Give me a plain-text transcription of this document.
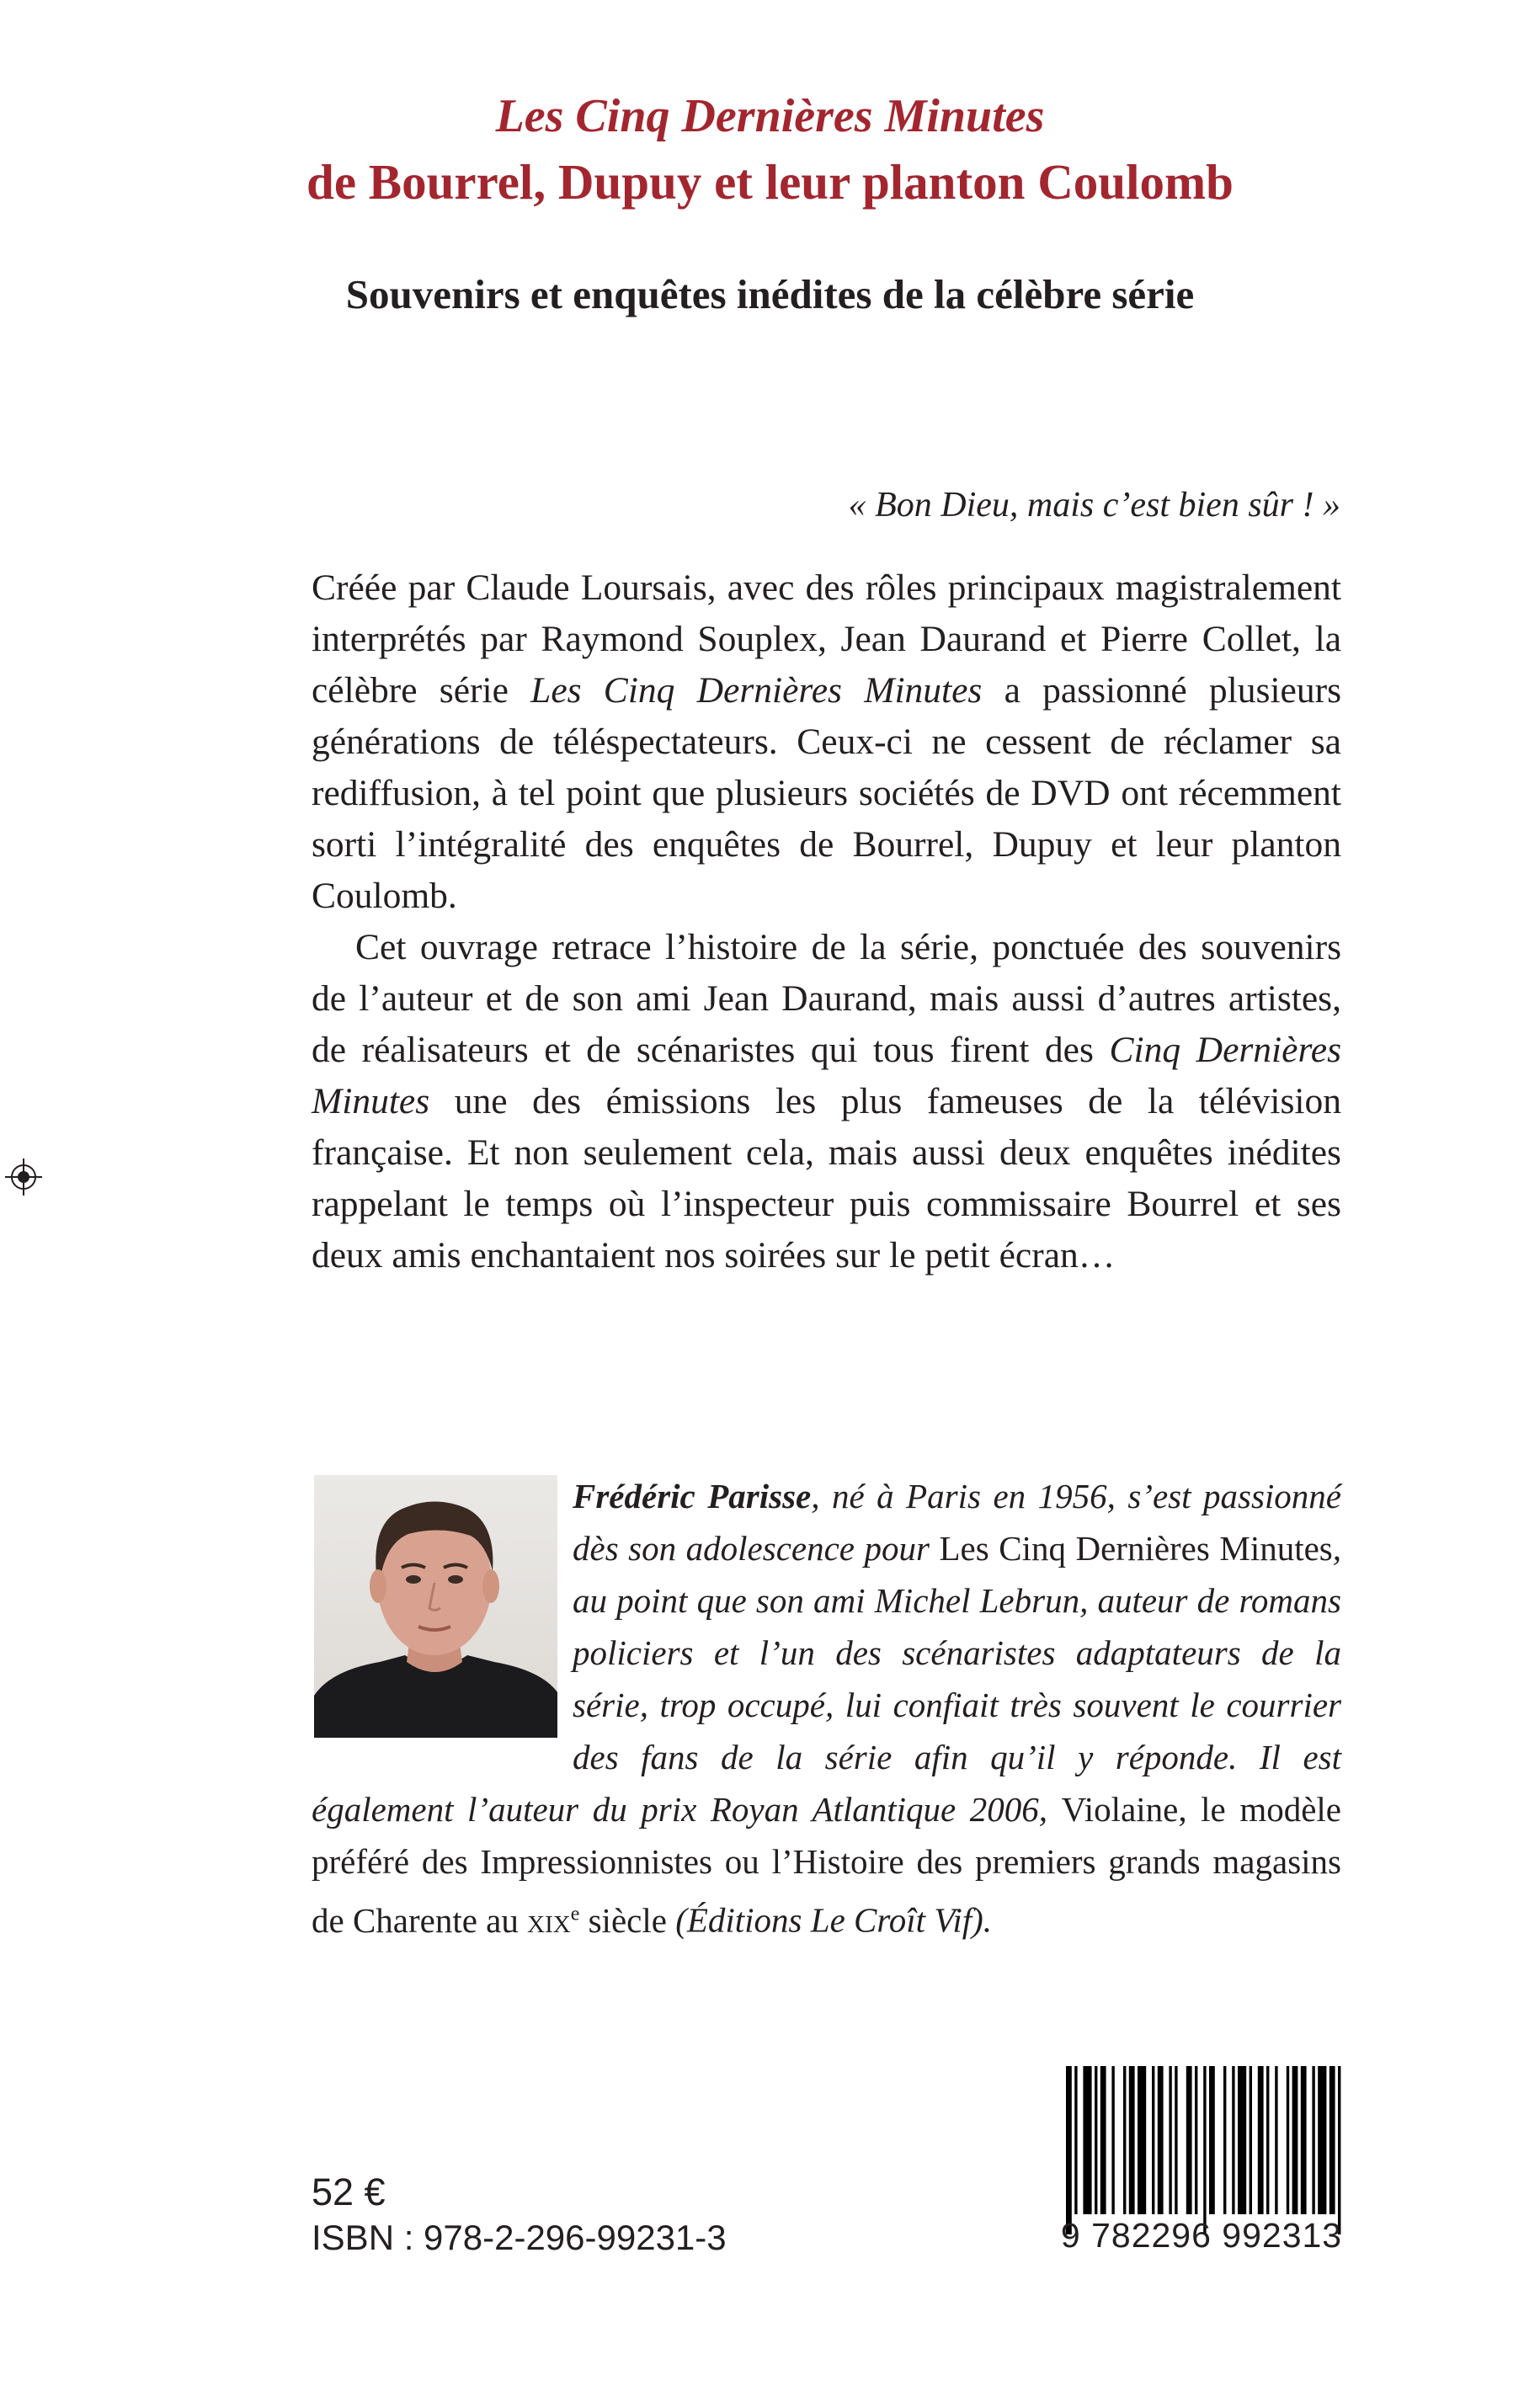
Les Cinq Dernières Minutes
de Bourrel, Dupuy et leur planton Coulomb
Souvenirs et enquêtes inédites de la célèbre série
« Bon Dieu, mais c’est bien sûr ! »

Créée par Claude Loursais, avec des rôles principaux magistralement interprétés par Raymond Souplex, Jean Daurand et Pierre Collet, la célèbre série Les Cinq Dernières Minutes a passionné plusieurs générations de téléspectateurs. Ceux-ci ne cessent de réclamer sa rediffusion, à tel point que plusieurs sociétés de DVD ont récemment sorti l’intégralité des enquêtes de Bourrel, Dupuy et leur planton Coulomb.

Cet ouvrage retrace l’histoire de la série, ponctuée des souvenirs de l’auteur et de son ami Jean Daurand, mais aussi d’autres artistes, de réalisateurs et de scénaristes qui tous firent des Cinq Dernières Minutes une des émissions les plus fameuses de la télévision française. Et non seulement cela, mais aussi deux enquêtes inédites rappelant le temps où l’inspecteur puis commissaire Bourrel et ses deux amis enchantaient nos soirées sur le petit écran…

Frédéric Parisse, né à Paris en 1956, s’est passionné dès son adolescence pour Les Cinq Dernières Minutes, au point que son ami Michel Lebrun, auteur de romans policiers et l’un des scénaristes adaptateurs de la série, trop occupé, lui confiait très souvent le courrier des fans de la série afin qu’il y réponde. Il est également l’auteur du prix Royan Atlantique 2006, Violaine, le modèle préféré des Impressionnistes ou l’Histoire des premiers grands magasins de Charente au xix$^e$ siècle (Éditions Le Croît Vif).
9 782296 992313
52 €
ISBN : 978-2-296-99231-3
